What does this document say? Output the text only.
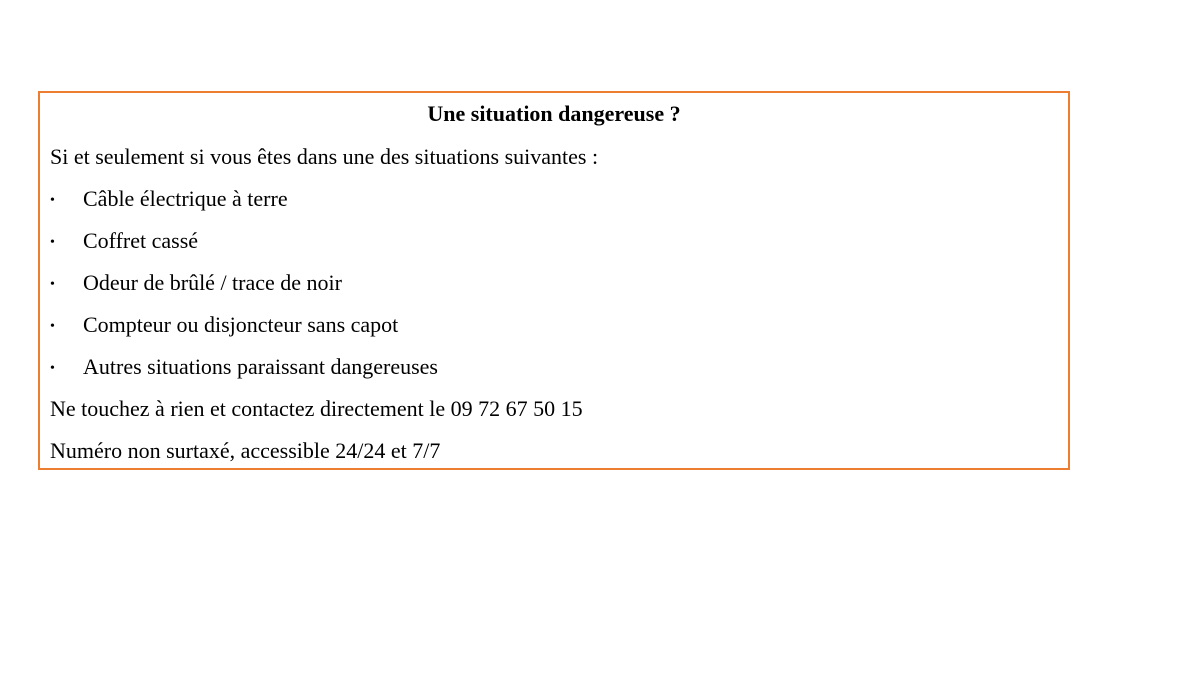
Une situation dangereuse ?
Si et seulement si vous êtes dans une des situations suivantes :
•	Câble électrique à terre
•	Coffret cassé
•	Odeur de brûlé / trace de noir
•	Compteur ou disjoncteur sans capot
•	Autres situations paraissant dangereuses
Ne touchez à rien et contactez directement le 09 72 67 50 15
Numéro non surtaxé, accessible 24/24 et 7/7
